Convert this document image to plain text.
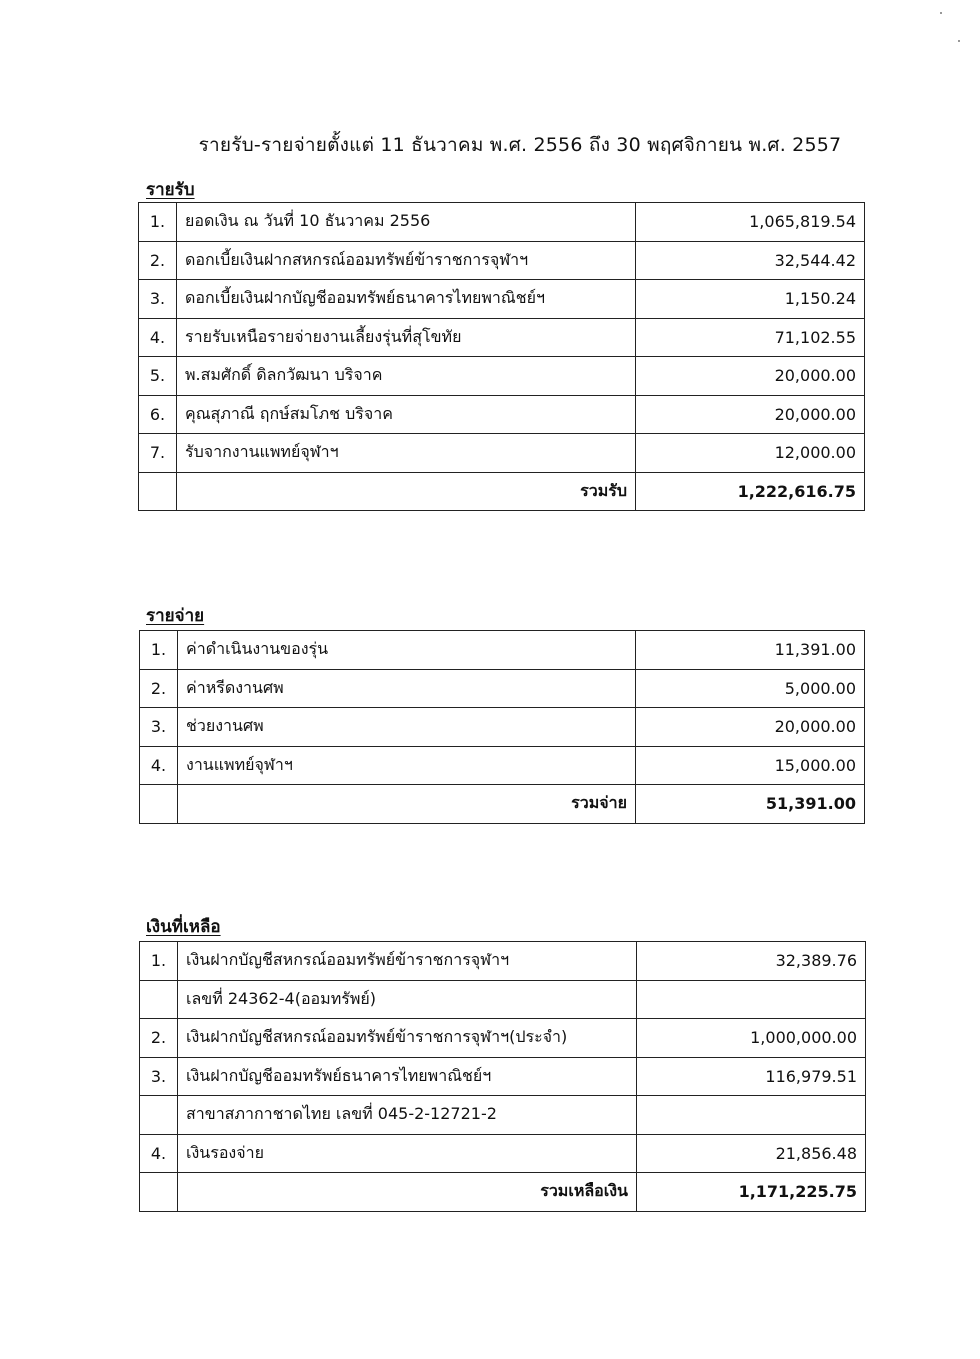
รายรับ-รายจ่ายตั้งแต่ 11 ธันวาคม พ.ศ. 2556 ถึง 30 พฤศจิกายน พ.ศ. 2557
รายรับ
1.	ยอดเงิน ณ วันที่ 10 ธันวาคม 2556	1,065,819.54
2.	ดอกเบี้ยเงินฝากสหกรณ์ออมทรัพย์ข้าราชการจุฬาฯ	32,544.42
3.	ดอกเบี้ยเงินฝากบัญชีออมทรัพย์ธนาคารไทยพาณิชย์ฯ	1,150.24
4.	รายรับเหนือรายจ่ายงานเลี้ยงรุ่นที่สุโขทัย	71,102.55
5.	พ.สมศักดิ์ ดิลกวัฒนา บริจาค	20,000.00
6.	คุณสุภาณี ฤกษ์สมโภช บริจาค	20,000.00
7.	รับจากงานแพทย์จุฬาฯ	12,000.00
	รวมรับ	1,222,616.75
รายจ่าย
1.	ค่าดำเนินงานของรุ่น	11,391.00
2.	ค่าหรีดงานศพ	5,000.00
3.	ช่วยงานศพ	20,000.00
4.	งานแพทย์จุฬาฯ	15,000.00
	รวมจ่าย	51,391.00
เงินที่เหลือ
1.	เงินฝากบัญชีสหกรณ์ออมทรัพย์ข้าราชการจุฬาฯ	32,389.76
	เลขที่ 24362-4(ออมทรัพย์)	
2.	เงินฝากบัญชีสหกรณ์ออมทรัพย์ข้าราชการจุฬาฯ(ประจำ)	1,000,000.00
3.	เงินฝากบัญชีออมทรัพย์ธนาคารไทยพาณิชย์ฯ	116,979.51
	สาขาสภากาชาดไทย เลขที่ 045-2-12721-2	
4.	เงินรองจ่าย	21,856.48
	รวมเหลือเงิน	1,171,225.75
